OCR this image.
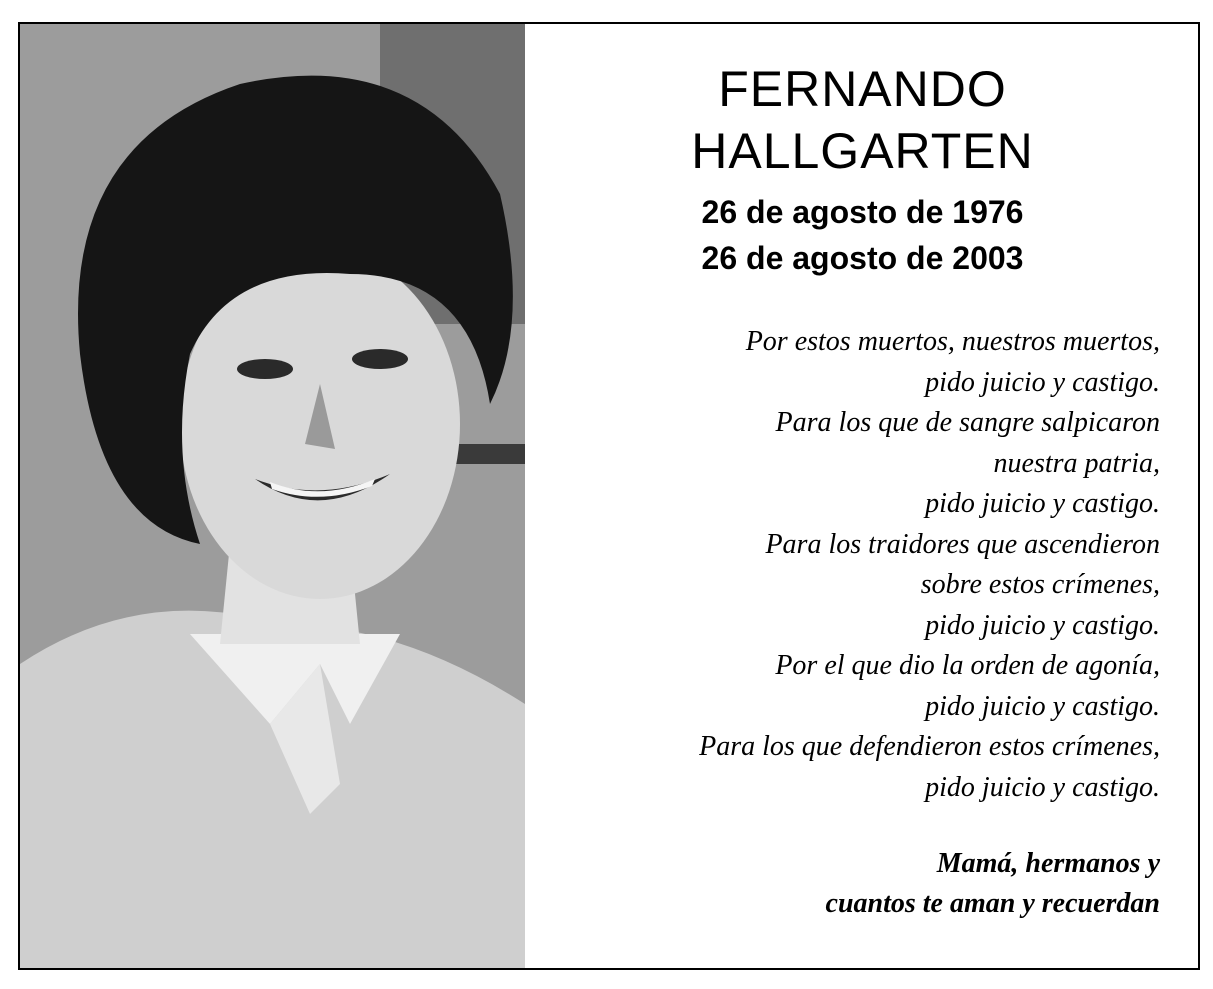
FERNANDO
HALLGARTEN
26 de agosto de 1976
26 de agosto de 2003
Por estos muertos, nuestros muertos,
pido juicio y castigo.
Para los que de sangre salpicaron
nuestra patria,
pido juicio y castigo.
Para los traidores que ascendieron
sobre estos crímenes,
pido juicio y castigo.
Por el que dio la orden de agonía,
pido juicio y castigo.
Para los que defendieron estos crímenes,
pido juicio y castigo.
Mamá, hermanos y
cuantos te aman y recuerdan
